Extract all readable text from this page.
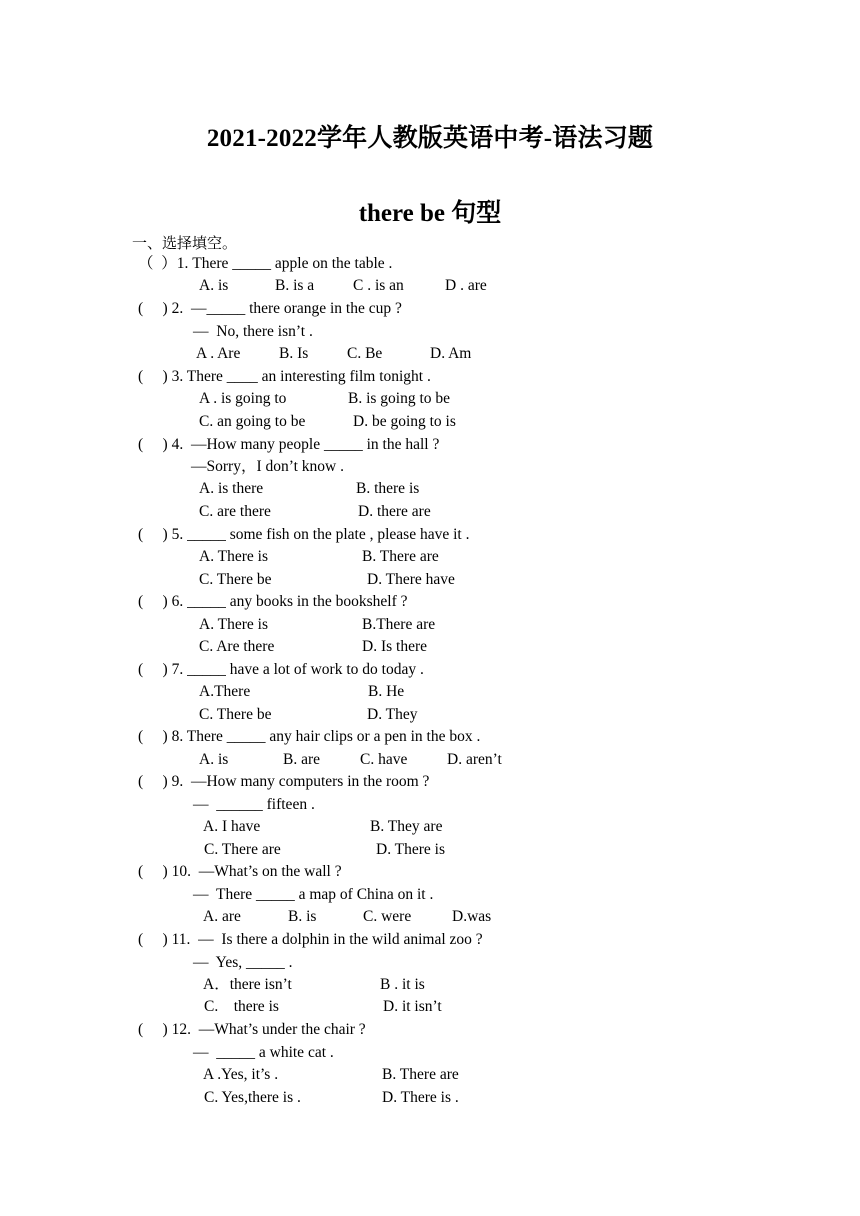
2021-2022学年人教版英语中考-语法习题
there be 句型
一、选择填空。
（  ）1. There _____ apple on the table .
A. is	B. is a	C . is an	D . are
(     ) 2.  —_____ there orange in the cup ?
—  No, there isn’t .
A . Are B. Is C. Be	D. Am
(     ) 3. There ____ an interesting film tonight .
A . is going to	B. is going to be
C. an going to be	D. be going to is
(     ) 4.  —How many people _____ in the hall ?
—Sorry，I don’t know .
A. is there	B. there is
C. are there	D. there are
(     ) 5. _____ some fish on the plate , please have it .
A. There is	B. There are
C. There be	D. There have
(     ) 6. _____ any books in the bookshelf ?
A. There is	B.There are
C. Are there	D. Is there
(     ) 7. _____ have a lot of work to do today .
A.There	B. He
C. There be	D. They
(     ) 8. There _____ any hair clips or a pen in the box .
A. is	B. are	C. have	D. aren’t
(     ) 9.  —How many computers in the room ?
—  ______ fifteen .
A. I have	B. They are
C. There are	D. There is
(     ) 10.  —What’s on the wall ?
—  There _____ a map of China on it .
A. are	B. is	C. were	D.was
(     ) 11.  —  Is there a dolphin in the wild animal zoo ?
—  Yes, _____ .
A．there isn’t	B . it is
C.    there is	D. it isn’t
(     ) 12.  —What’s under the chair ?
—  _____ a white cat .
A .Yes, it’s .	B. There are
C. Yes,there is .	D. There is .
